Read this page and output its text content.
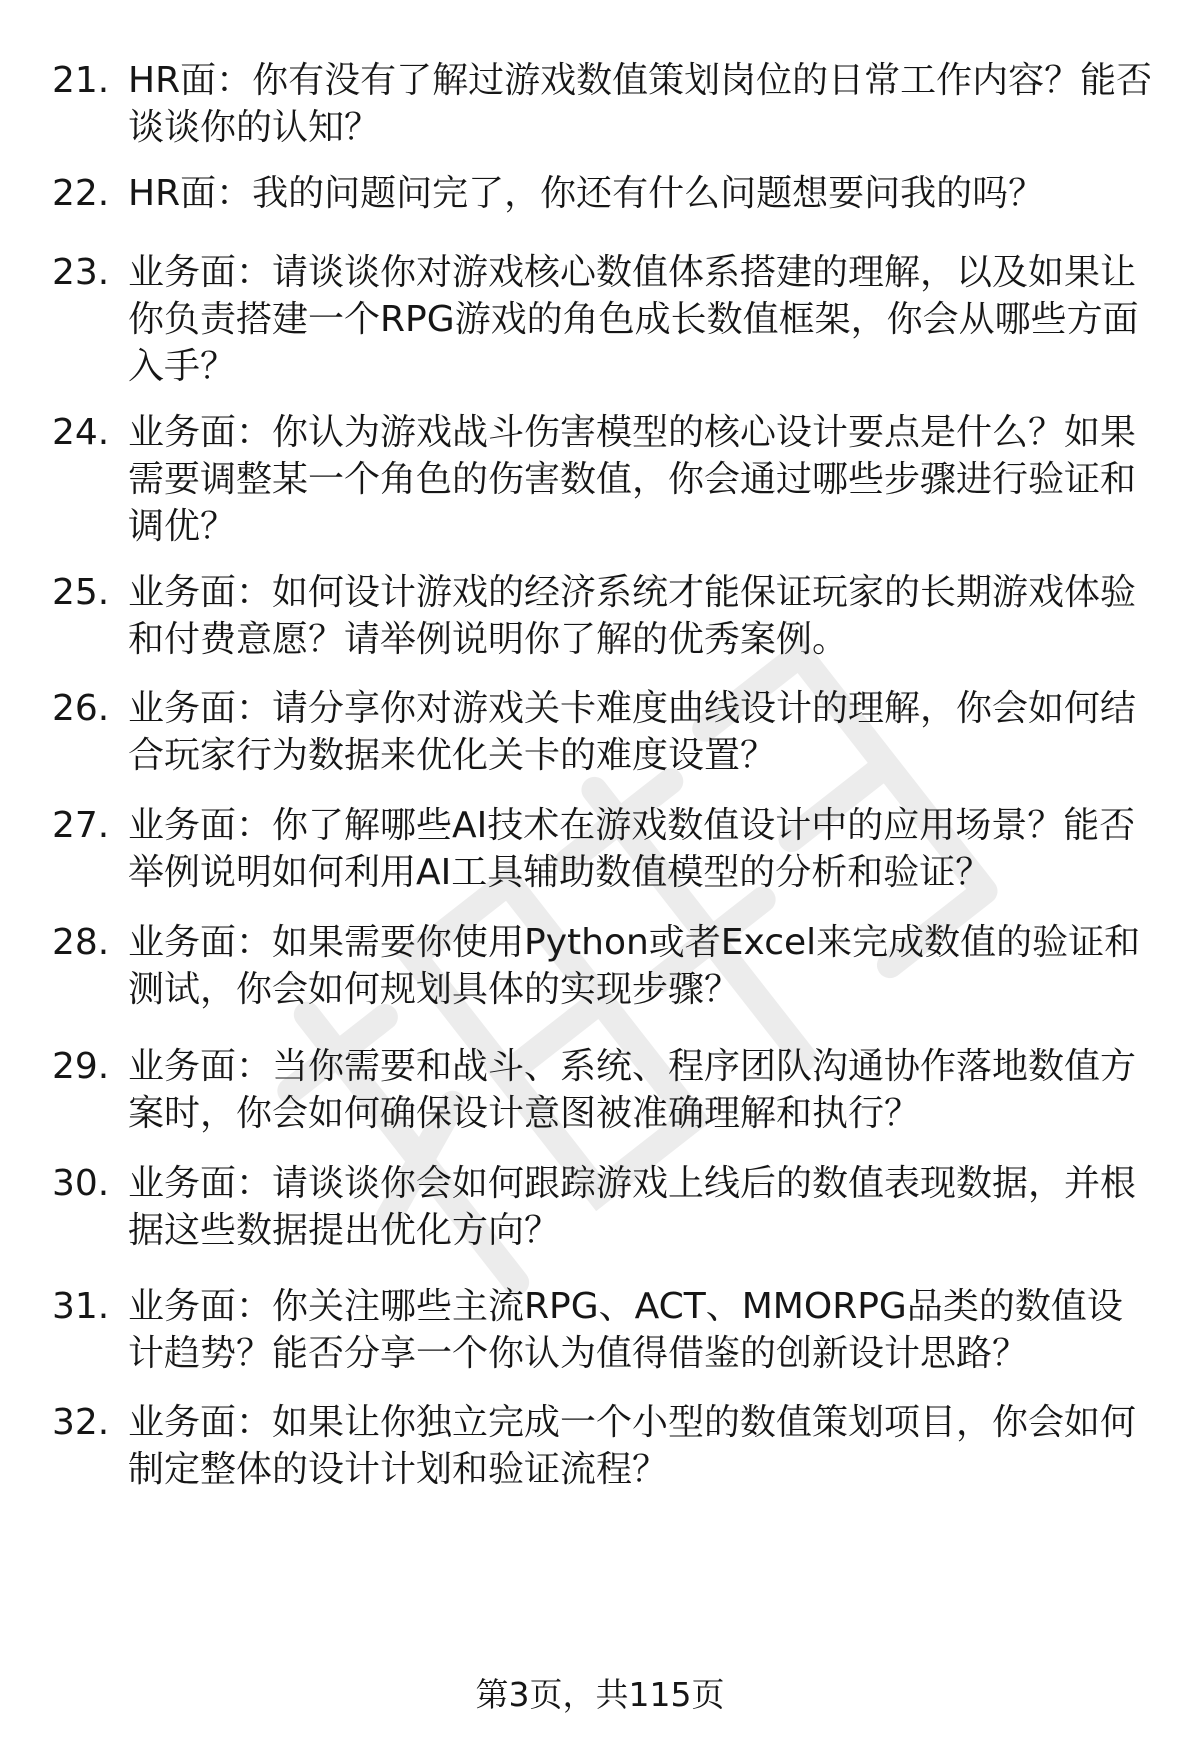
21. HR面：你有没有了解过游戏数值策划岗位的日常工作内容？能否
谈谈你的认知？
22. HR面：我的问题问完了，你还有什么问题想要问我的吗？
23. 业务面：请谈谈你对游戏核心数值体系搭建的理解，以及如果让
你负责搭建一个RPG游戏的角色成长数值框架，你会从哪些方面
入手？
24. 业务面：你认为游戏战斗伤害模型的核心设计要点是什么？如果
需要调整某一个角色的伤害数值，你会通过哪些步骤进行验证和
调优？
25. 业务面：如何设计游戏的经济系统才能保证玩家的长期游戏体验
和付费意愿？请举例说明你了解的优秀案例。
26. 业务面：请分享你对游戏关卡难度曲线设计的理解，你会如何结
合玩家行为数据来优化关卡的难度设置？
27. 业务面：你了解哪些AI技术在游戏数值设计中的应用场景？能否
举例说明如何利用AI工具辅助数值模型的分析和验证？
28. 业务面：如果需要你使用Python或者Excel来完成数值的验证和
测试，你会如何规划具体的实现步骤？
29. 业务面：当你需要和战斗、系统、程序团队沟通协作落地数值方
案时，你会如何确保设计意图被准确理解和执行？
30. 业务面：请谈谈你会如何跟踪游戏上线后的数值表现数据，并根
据这些数据提出优化方向？
31. 业务面：你关注哪些主流RPG、ACT、MMORPG品类的数值设
计趋势？能否分享一个你认为值得借鉴的创新设计思路？
32. 业务面：如果让你独立完成一个小型的数值策划项目，你会如何
制定整体的设计计划和验证流程？
第3页，共115页
